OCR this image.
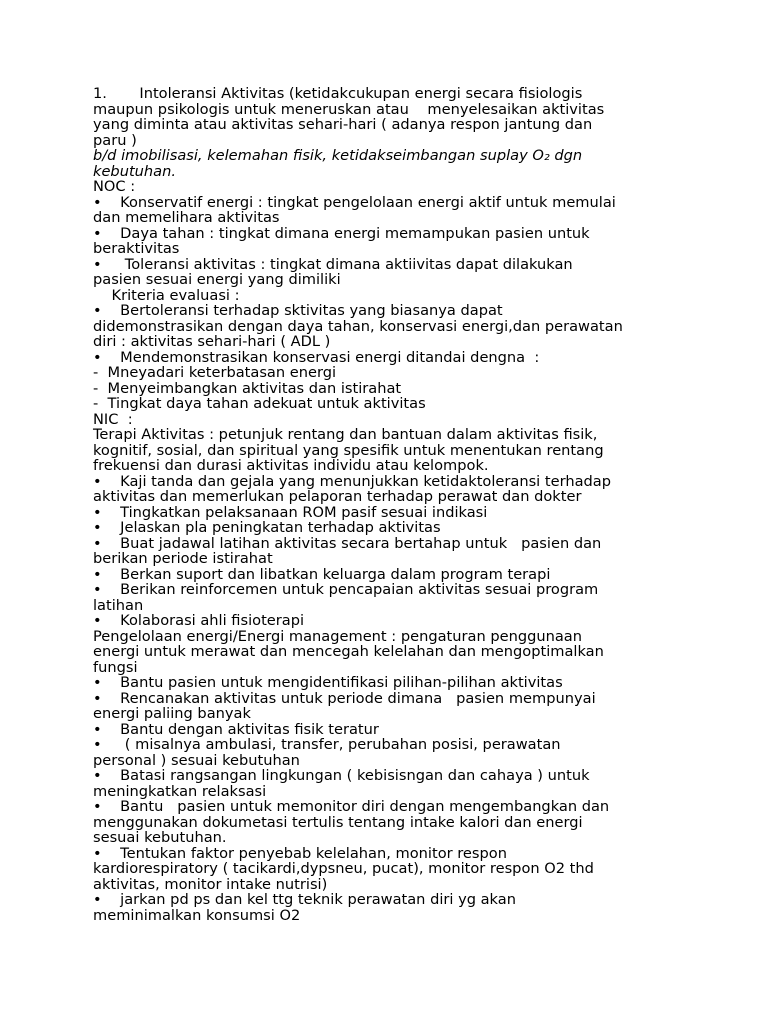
1.       Intoleransi Aktivitas (ketidakcukupan energi secara fisiologis
maupun psikologis untuk meneruskan atau    menyelesaikan aktivitas
yang diminta atau aktivitas sehari-hari ( adanya respon jantung dan
paru )
b/d imobilisasi, kelemahan fisik, ketidakseimbangan suplay O₂ dgn
kebutuhan.
NOC :
•    Konservatif energi : tingkat pengelolaan energi aktif untuk memulai
dan memelihara aktivitas
•    Daya tahan : tingkat dimana energi memampukan pasien untuk
beraktivitas
•     Toleransi aktivitas : tingkat dimana aktiivitas dapat dilakukan
pasien sesuai energi yang dimiliki
Kriteria evaluasi :
•    Bertoleransi terhadap sktivitas yang biasanya dapat
didemonstrasikan dengan daya tahan, konservasi energi,dan perawatan
diri : aktivitas sehari-hari ( ADL )
•    Mendemonstrasikan konservasi energi ditandai dengna  :
-  Mneyadari keterbatasan energi
-  Menyeimbangkan aktivitas dan istirahat
-  Tingkat daya tahan adekuat untuk aktivitas
NIC  :
Terapi Aktivitas : petunjuk rentang dan bantuan dalam aktivitas fisik,
kognitif, sosial, dan spiritual yang spesifik untuk menentukan rentang
frekuensi dan durasi aktivitas individu atau kelompok.
•    Kaji tanda dan gejala yang menunjukkan ketidaktoleransi terhadap
aktivitas dan memerlukan pelaporan terhadap perawat dan dokter
•    Tingkatkan pelaksanaan ROM pasif sesuai indikasi
•    Jelaskan pla peningkatan terhadap aktivitas
•    Buat jadawal latihan aktivitas secara bertahap untuk   pasien dan
berikan periode istirahat
•    Berkan suport dan libatkan keluarga dalam program terapi
•    Berikan reinforcemen untuk pencapaian aktivitas sesuai program
latihan
•    Kolaborasi ahli fisioterapi
Pengelolaan energi/Energi management : pengaturan penggunaan
energi untuk merawat dan mencegah kelelahan dan mengoptimalkan
fungsi
•    Bantu pasien untuk mengidentifikasi pilihan-pilihan aktivitas
•    Rencanakan aktivitas untuk periode dimana   pasien mempunyai
energi paliing banyak
•    Bantu dengan aktivitas fisik teratur
•     ( misalnya ambulasi, transfer, perubahan posisi, perawatan
personal ) sesuai kebutuhan
•    Batasi rangsangan lingkungan ( kebisisngan dan cahaya ) untuk
meningkatkan relaksasi
•    Bantu   pasien untuk memonitor diri dengan mengembangkan dan
menggunakan dokumetasi tertulis tentang intake kalori dan energi
sesuai kebutuhan.
•    Tentukan faktor penyebab kelelahan, monitor respon
kardiorespiratory ( tacikardi,dypsneu, pucat), monitor respon O2 thd
aktivitas, monitor intake nutrisi)
•    jarkan pd ps dan kel ttg teknik perawatan diri yg akan
meminimalkan konsumsi O2
